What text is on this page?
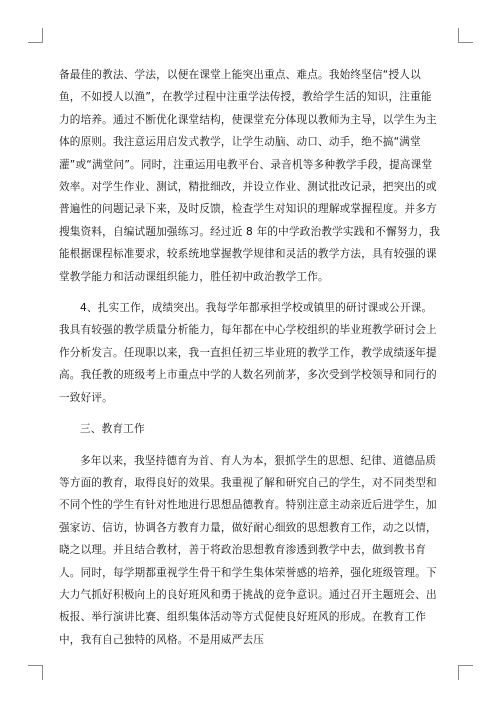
备最佳的教法、学法，以便在课堂上能突出重点、难点。我始终坚信“授人以鱼，不如授人以渔”，在教学过程中注重学法传授，教给学生活的知识，注重能力的培养。通过不断优化课堂结构，使课堂充分体现以教师为主导，以学生为主体的原则。我注意运用启发式教学，让学生动脑、动口、动手，绝不搞“满堂灌”或“满堂问”。同时，注重运用电教平台、录音机等多种教学手段，提高课堂效率。对学生作业、测试，精批细改，并设立作业、测试批改记录，把突出的或普遍性的问题记录下来，及时反馈，检查学生对知识的理解或掌握程度。并多方搜集资料，自编试题加强练习。经过近 8 年的中学政治教学实践和不懈努力，我能根据课程标准要求，较系统地掌握教学规律和灵活的教学方法，具有较强的课堂教学能力和活动课组织能力，胜任初中政治教学工作。

4、扎实工作，成绩突出。我每学年都承担学校或镇里的研讨课或公开课。我具有较强的教学质量分析能力，每年都在中心学校组织的毕业班教学研讨会上作分析发言。任现职以来，我一直担任初三毕业班的教学工作，教学成绩逐年提高。我任教的班级考上市重点中学的人数名列前茅，多次受到学校领导和同行的一致好评。

三、教育工作

多年以来，我坚持德育为首、育人为本，狠抓学生的思想、纪律、道德品质等方面的教育，取得良好的效果。我重视了解和研究自己的学生，对不同类型和不同个性的学生有针对性地进行思想品德教育。特别注意主动亲近后进学生，加强家访、信访，协调各方教育力量，做好耐心细致的思想教育工作，动之以情，晓之以理。并且结合教材，善于将政治思想教育渗透到教学中去，做到教书育人。同时，每学期都重视学生骨干和学生集体荣誉感的培养，强化班级管理。下大力气抓好积极向上的良好班风和勇于挑战的竞争意识。通过召开主题班会、出板报、举行演讲比赛、组织集体活动等方式促使良好班风的形成。在教育工作中，我有自己独特的风格。不是用威严去压
